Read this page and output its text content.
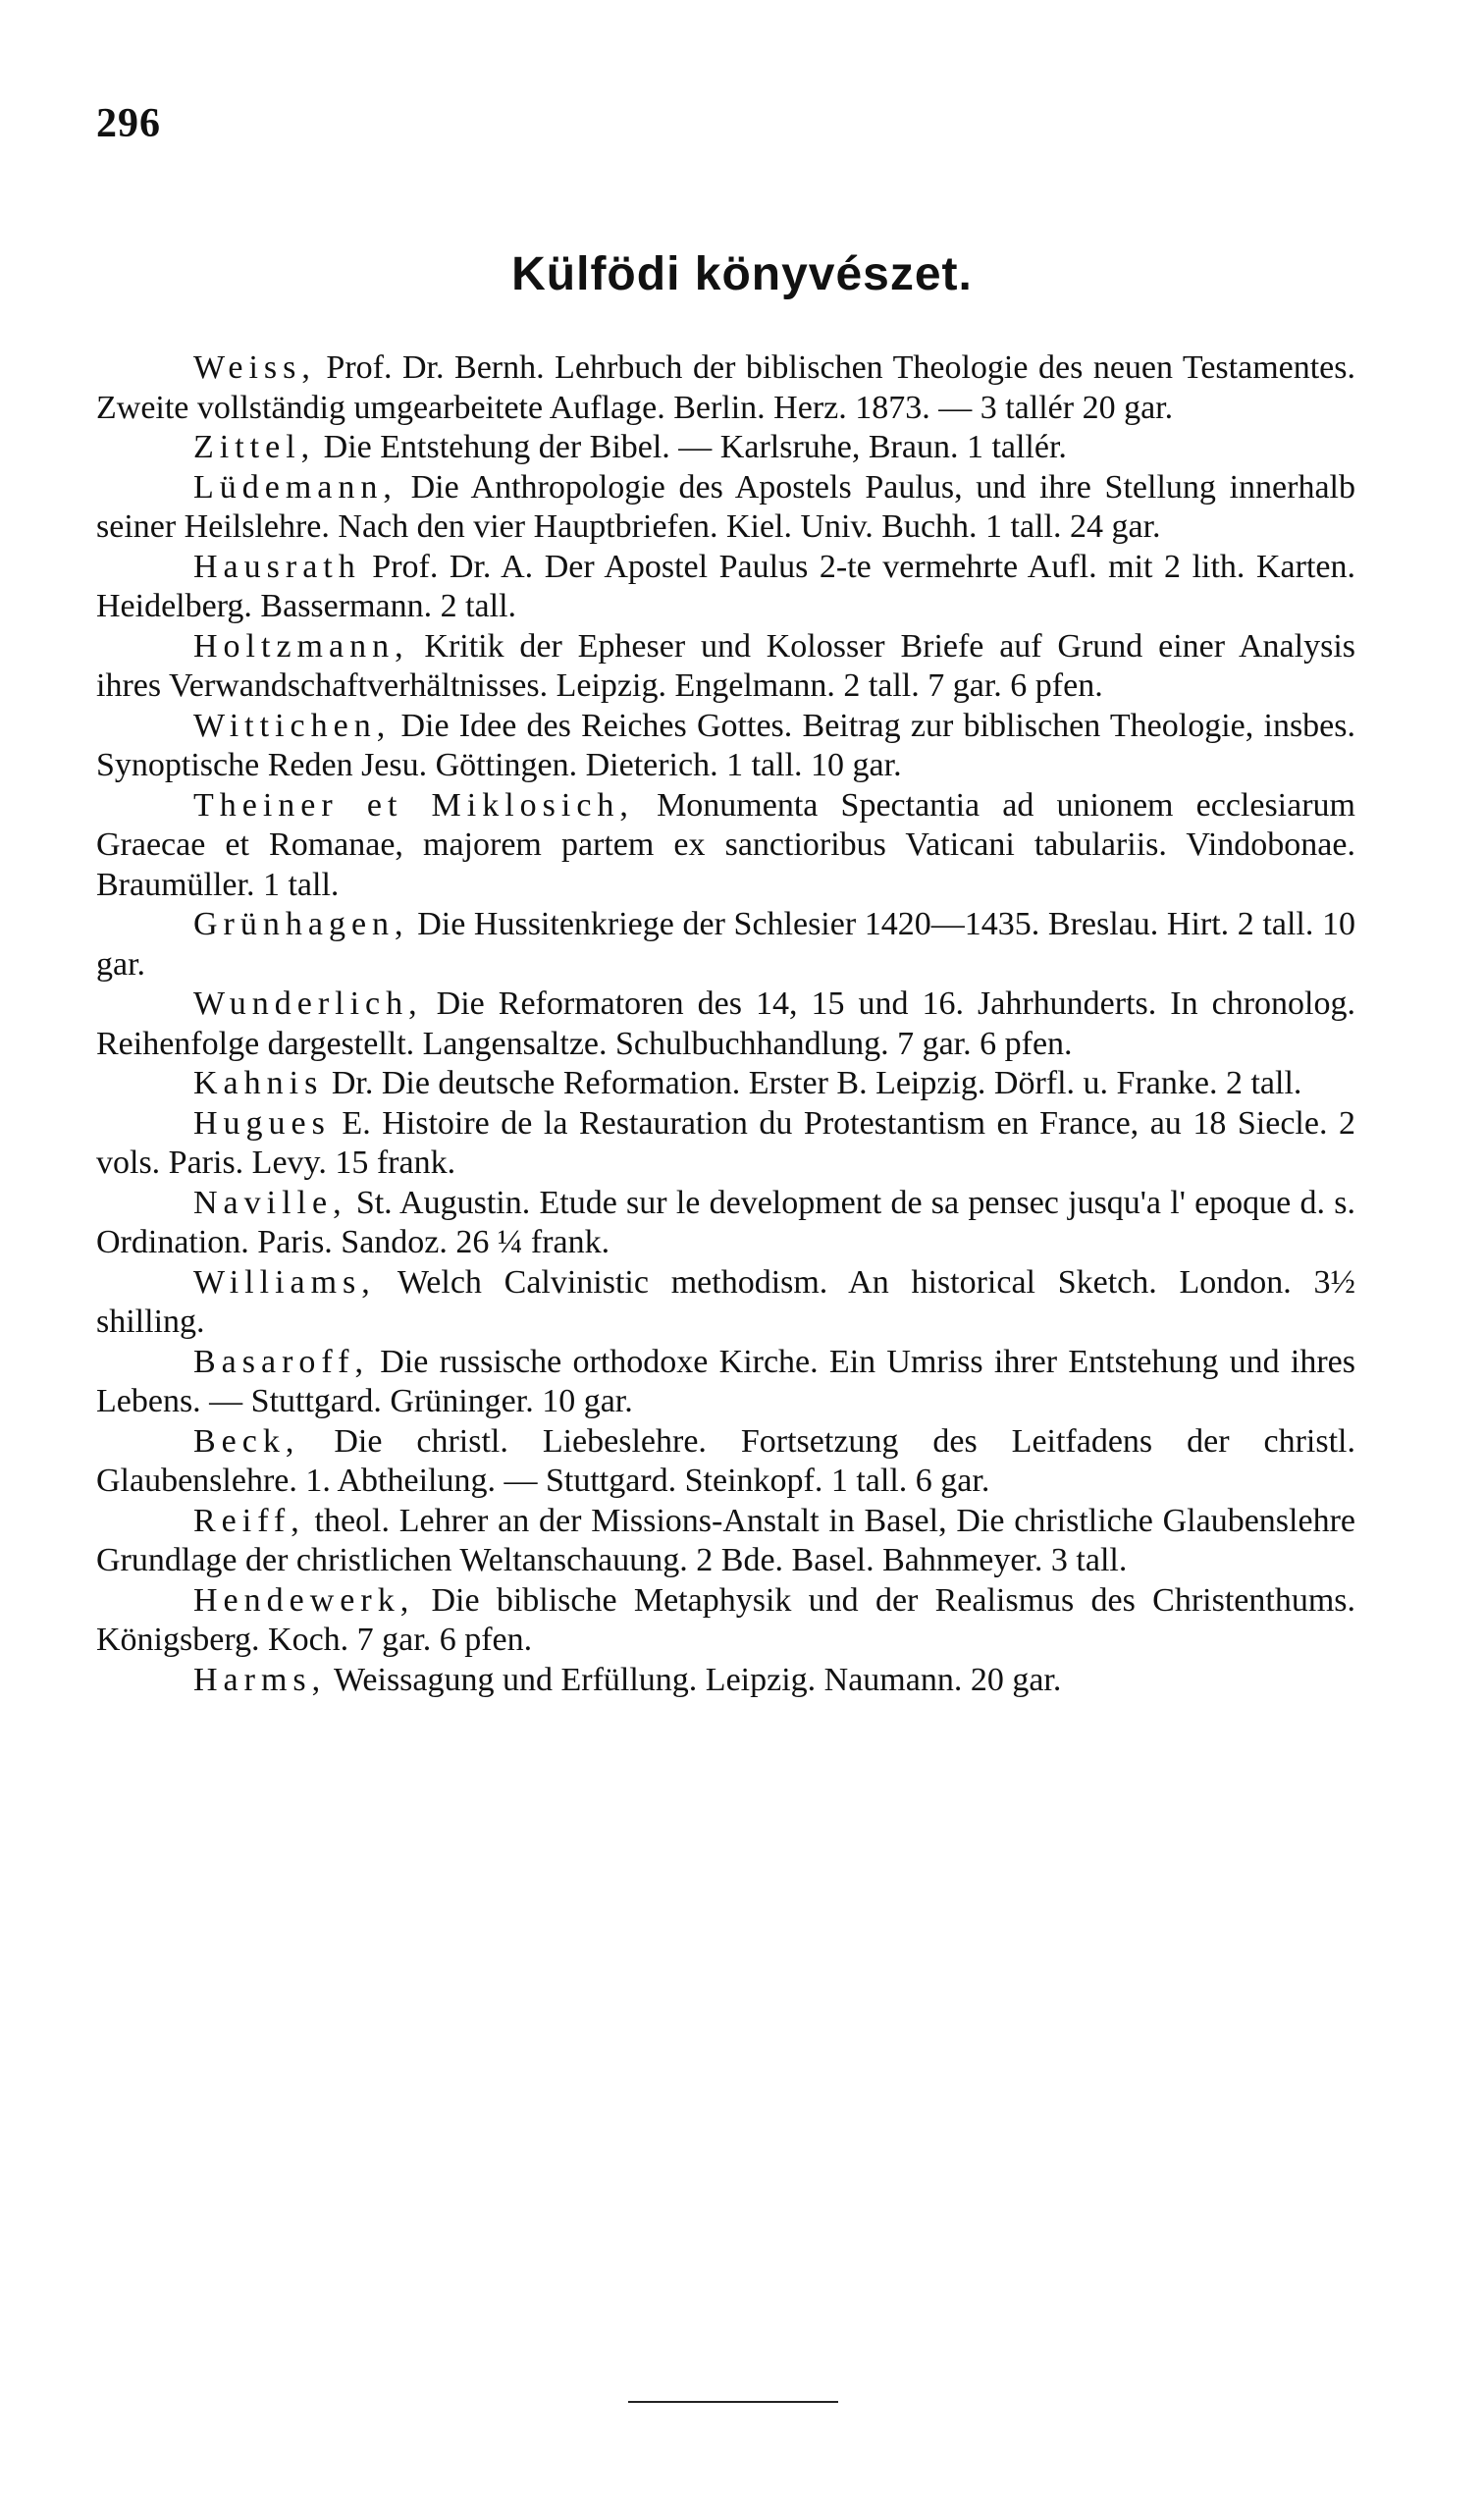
296
Külfödi könyvészet.

Weiss, Prof. Dr. Bernh. Lehrbuch der biblischen Theologie des neuen Testamentes. Zweite vollständig umgearbeitete Auflage. Berlin. Herz. 1873. — 3 tallér 20 gar.

Zittel, Die Entstehung der Bibel. — Karlsruhe, Braun. 1 tallér.

Lüdemann, Die Anthropologie des Apostels Paulus, und ihre Stellung innerhalb seiner Heilslehre. Nach den vier Hauptbriefen. Kiel. Univ. Buchh. 1 tall. 24 gar.

Hausrath Prof. Dr. A. Der Apostel Paulus 2-te vermehrte Aufl. mit 2 lith. Karten. Heidelberg. Bassermann. 2 tall.

Holtzmann, Kritik der Epheser und Kolosser Briefe auf Grund einer Analysis ihres Verwandschaftverhältnisses. Leipzig. Engelmann. 2 tall. 7 gar. 6 pfen.

Wittichen, Die Idee des Reiches Gottes. Beitrag zur biblischen Theologie, insbes. Synoptische Reden Jesu. Göttingen. Dieterich. 1 tall. 10 gar.

Theiner et Miklosich, Monumenta Spectantia ad unionem ecclesiarum Graecae et Romanae, majorem partem ex sanctioribus Vaticani tabulariis. Vindobonae. Braumüller. 1 tall.

Grünhagen, Die Hussitenkriege der Schlesier 1420—1435. Breslau. Hirt. 2 tall. 10 gar.

Wunderlich, Die Reformatoren des 14, 15 und 16. Jahrhunderts. In chronolog. Reihenfolge dargestellt. Langensaltze. Schulbuchhandlung. 7 gar. 6 pfen.

Kahnis Dr. Die deutsche Reformation. Erster B. Leipzig. Dörfl. u. Franke. 2 tall.

Hugues E. Histoire de la Restauration du Protestantism en France, au 18 Siecle. 2 vols. Paris. Levy. 15 frank.

Naville, St. Augustin. Etude sur le development de sa pensec jusqu'a l' epoque d. s. Ordination. Paris. Sandoz. 26 ¼ frank.

Williams, Welch Calvinistic methodism. An historical Sketch. London. 3½ shilling.

Basaroff, Die russische orthodoxe Kirche. Ein Umriss ihrer Entstehung und ihres Lebens. — Stuttgard. Grüninger. 10 gar.

Beck, Die christl. Liebeslehre. Fortsetzung des Leitfadens der christl. Glaubenslehre. 1. Abtheilung. — Stuttgard. Steinkopf. 1 tall. 6 gar.

Reiff, theol. Lehrer an der Missions-Anstalt in Basel, Die christliche Glaubenslehre Grundlage der christlichen Weltanschauung. 2 Bde. Basel. Bahnmeyer. 3 tall.

Hendewerk, Die biblische Metaphysik und der Realismus des Christenthums. Königsberg. Koch. 7 gar. 6 pfen.

Harms, Weissagung und Erfüllung. Leipzig. Naumann. 20 gar.
